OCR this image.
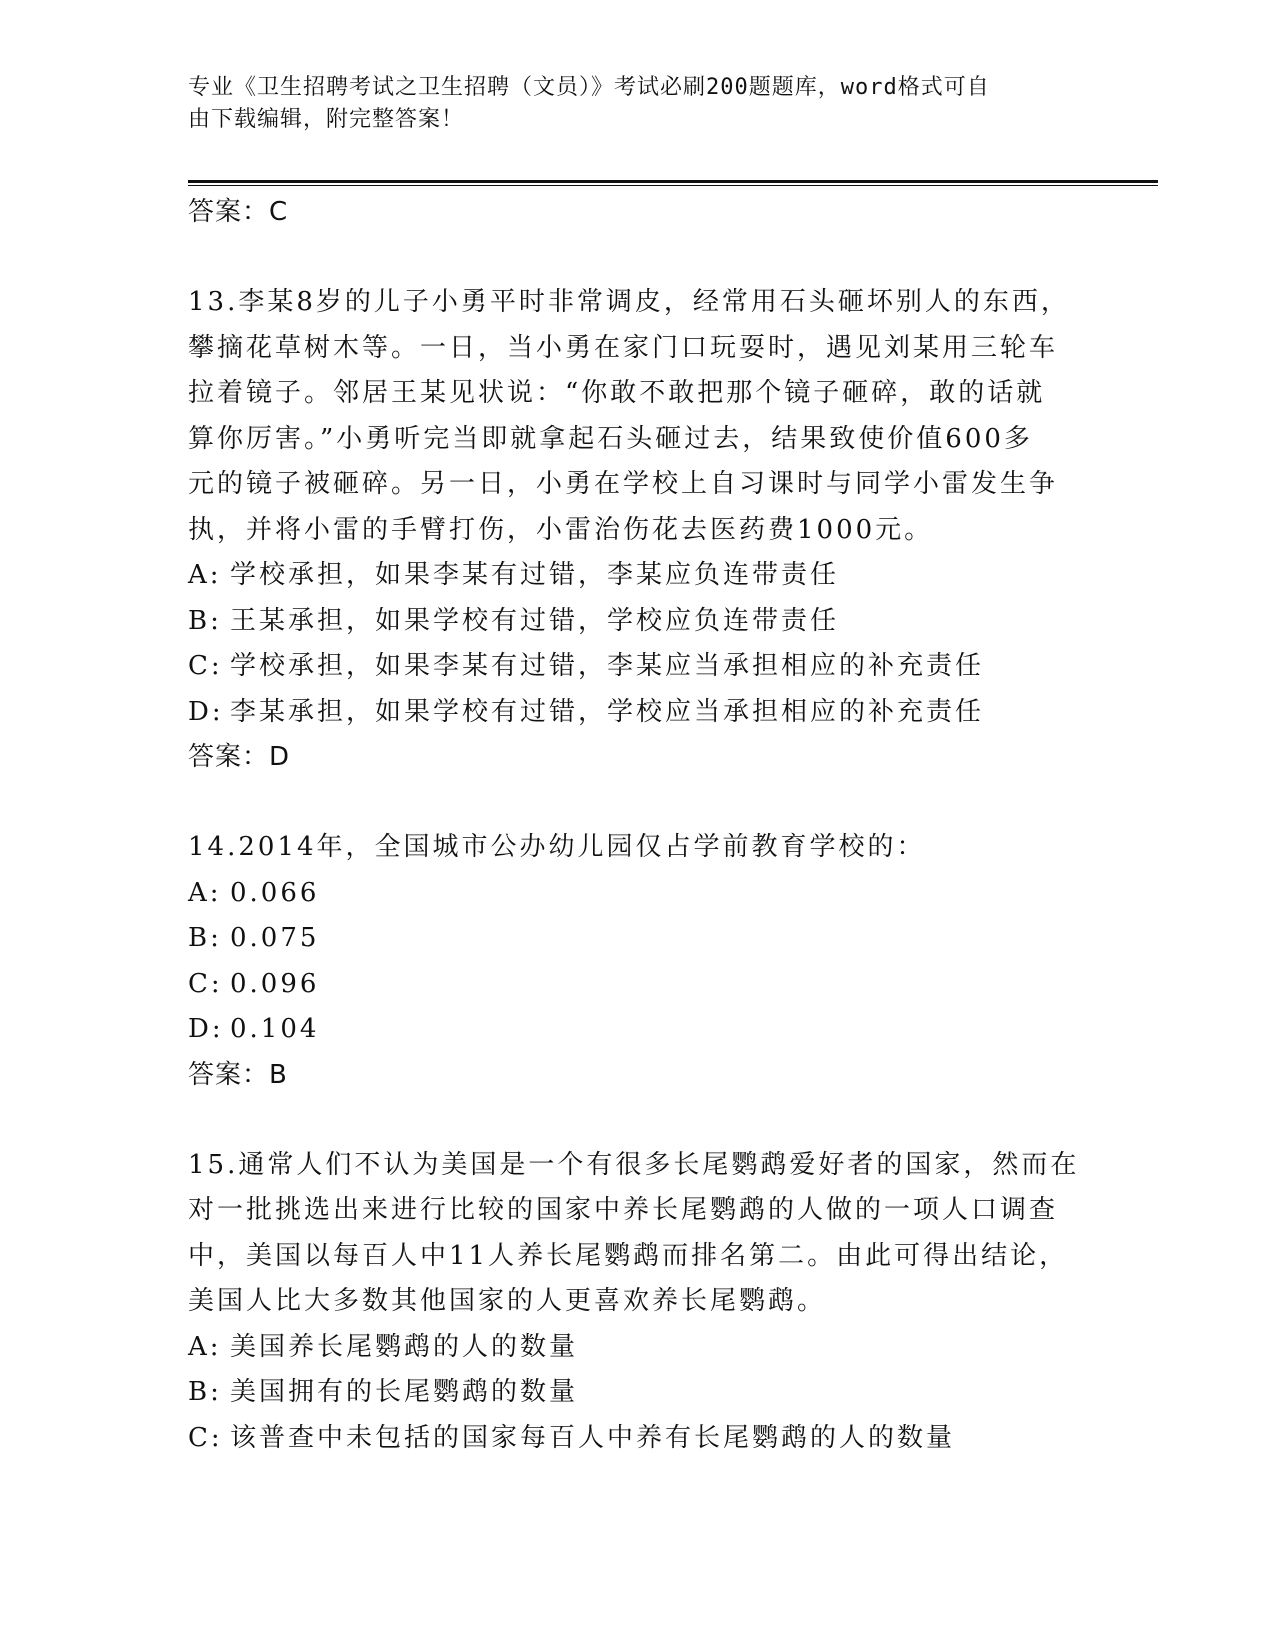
专业《卫生招聘考试之卫生招聘（文员）》考试必刷200题题库，word格式可自
由下载编辑，附完整答案！
答案：C

13.李某8岁的儿子小勇平时非常调皮，经常用石头砸坏别人的东西，

攀摘花草树木等。一日，当小勇在家门口玩耍时，遇见刘某用三轮车

拉着镜子。邻居王某见状说：“你敢不敢把那个镜子砸碎，敢的话就

算你厉害。”小勇听完当即就拿起石头砸过去，结果致使价值600多

元的镜子被砸碎。另一日，小勇在学校上自习课时与同学小雷发生争

执，并将小雷的手臂打伤，小雷治伤花去医药费1000元。

A: 学校承担，如果李某有过错，李某应负连带责任

B: 王某承担，如果学校有过错，学校应负连带责任

C: 学校承担，如果李某有过错，李某应当承担相应的补充责任

D: 李某承担，如果学校有过错，学校应当承担相应的补充责任

答案：D

14.2014年，全国城市公办幼儿园仅占学前教育学校的：

A: 0.066

B: 0.075

C: 0.096

D: 0.104

答案：B

15.通常人们不认为美国是一个有很多长尾鹦鹉爱好者的国家，然而在

对一批挑选出来进行比较的国家中养长尾鹦鹉的人做的一项人口调查

中，美国以每百人中11人养长尾鹦鹉而排名第二。由此可得出结论，

美国人比大多数其他国家的人更喜欢养长尾鹦鹉。

A: 美国养长尾鹦鹉的人的数量

B: 美国拥有的长尾鹦鹉的数量

C: 该普查中未包括的国家每百人中养有长尾鹦鹉的人的数量
